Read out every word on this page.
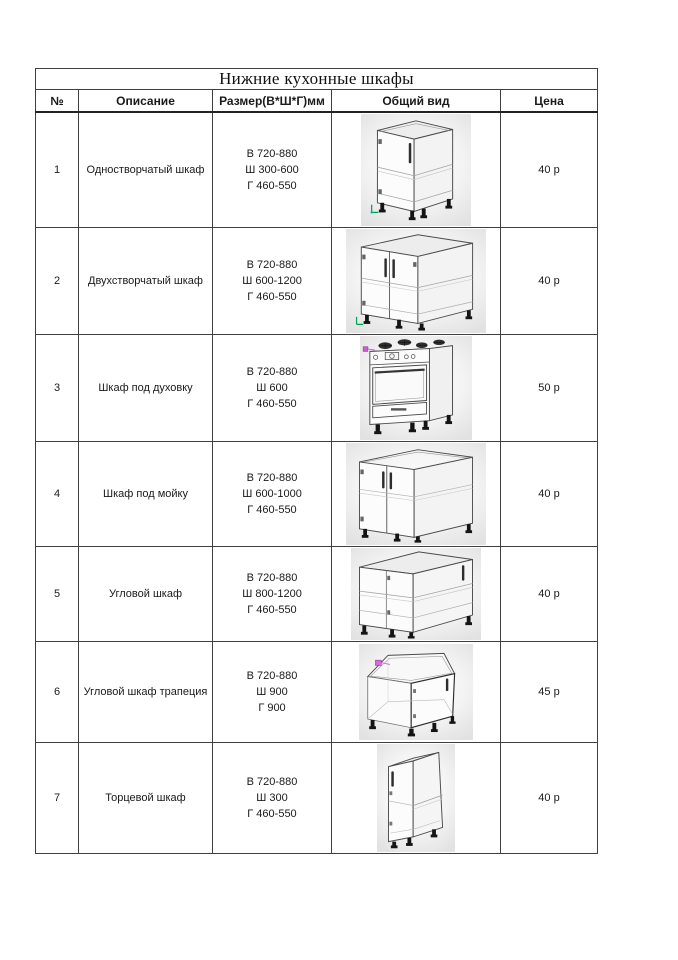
Нижние кухонные шкафы				
№	Описание	Размер(В*Ш*Г)мм	Общий вид	Цена
1	Одностворчатый шкаф	В 720-880
Ш 300-600
Г 460-550		40 р
2	Двухстворчатый шкаф	В 720-880
Ш 600-1200
Г 460-550		40 р
3	Шкаф под духовку	В 720-880
Ш 600
Г 460-550		50 р
4	Шкаф под мойку	В 720-880
Ш 600-1000
Г 460-550		40 р
5	Угловой шкаф	В 720-880
Ш 800-1200
Г 460-550		40 р
6	Угловой шкаф трапеция	В 720-880
Ш 900
Г 900		45 р
7	Торцевой шкаф	В 720-880
Ш 300
Г 460-550		40 р
